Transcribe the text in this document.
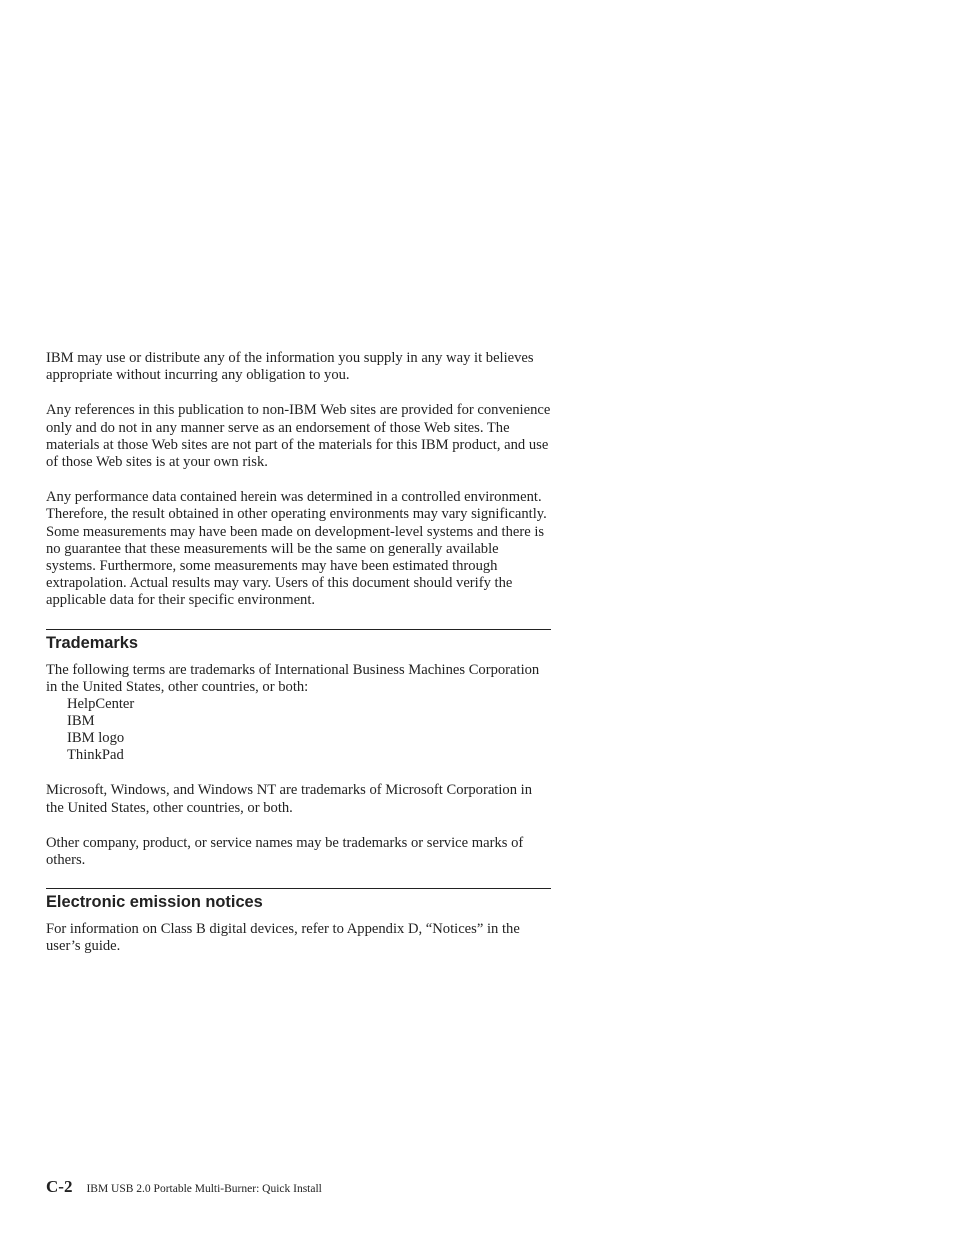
IBM may use or distribute any of the information you supply in any way it believes appropriate without incurring any obligation to you.

Any references in this publication to non-IBM Web sites are provided for convenience only and do not in any manner serve as an endorsement of those Web sites. The materials at those Web sites are not part of the materials for this IBM product, and use of those Web sites is at your own risk.

Any performance data contained herein was determined in a controlled environment. Therefore, the result obtained in other operating environments may vary significantly. Some measurements may have been made on development-level systems and there is no guarantee that these measurements will be the same on generally available systems. Furthermore, some measurements may have been estimated through extrapolation. Actual results may vary. Users of this document should verify the applicable data for their specific environment.

Trademarks

The following terms are trademarks of International Business Machines Corporation in the United States, other countries, or both:

HelpCenter
IBM
IBM logo
ThinkPad

Microsoft, Windows, and Windows NT are trademarks of Microsoft Corporation in the United States, other countries, or both.

Other company, product, or service names may be trademarks or service marks of others.

Electronic emission notices

For information on Class B digital devices, refer to Appendix D, “Notices” in the user’s guide.

C-2 IBM USB 2.0 Portable Multi-Burner: Quick Install
